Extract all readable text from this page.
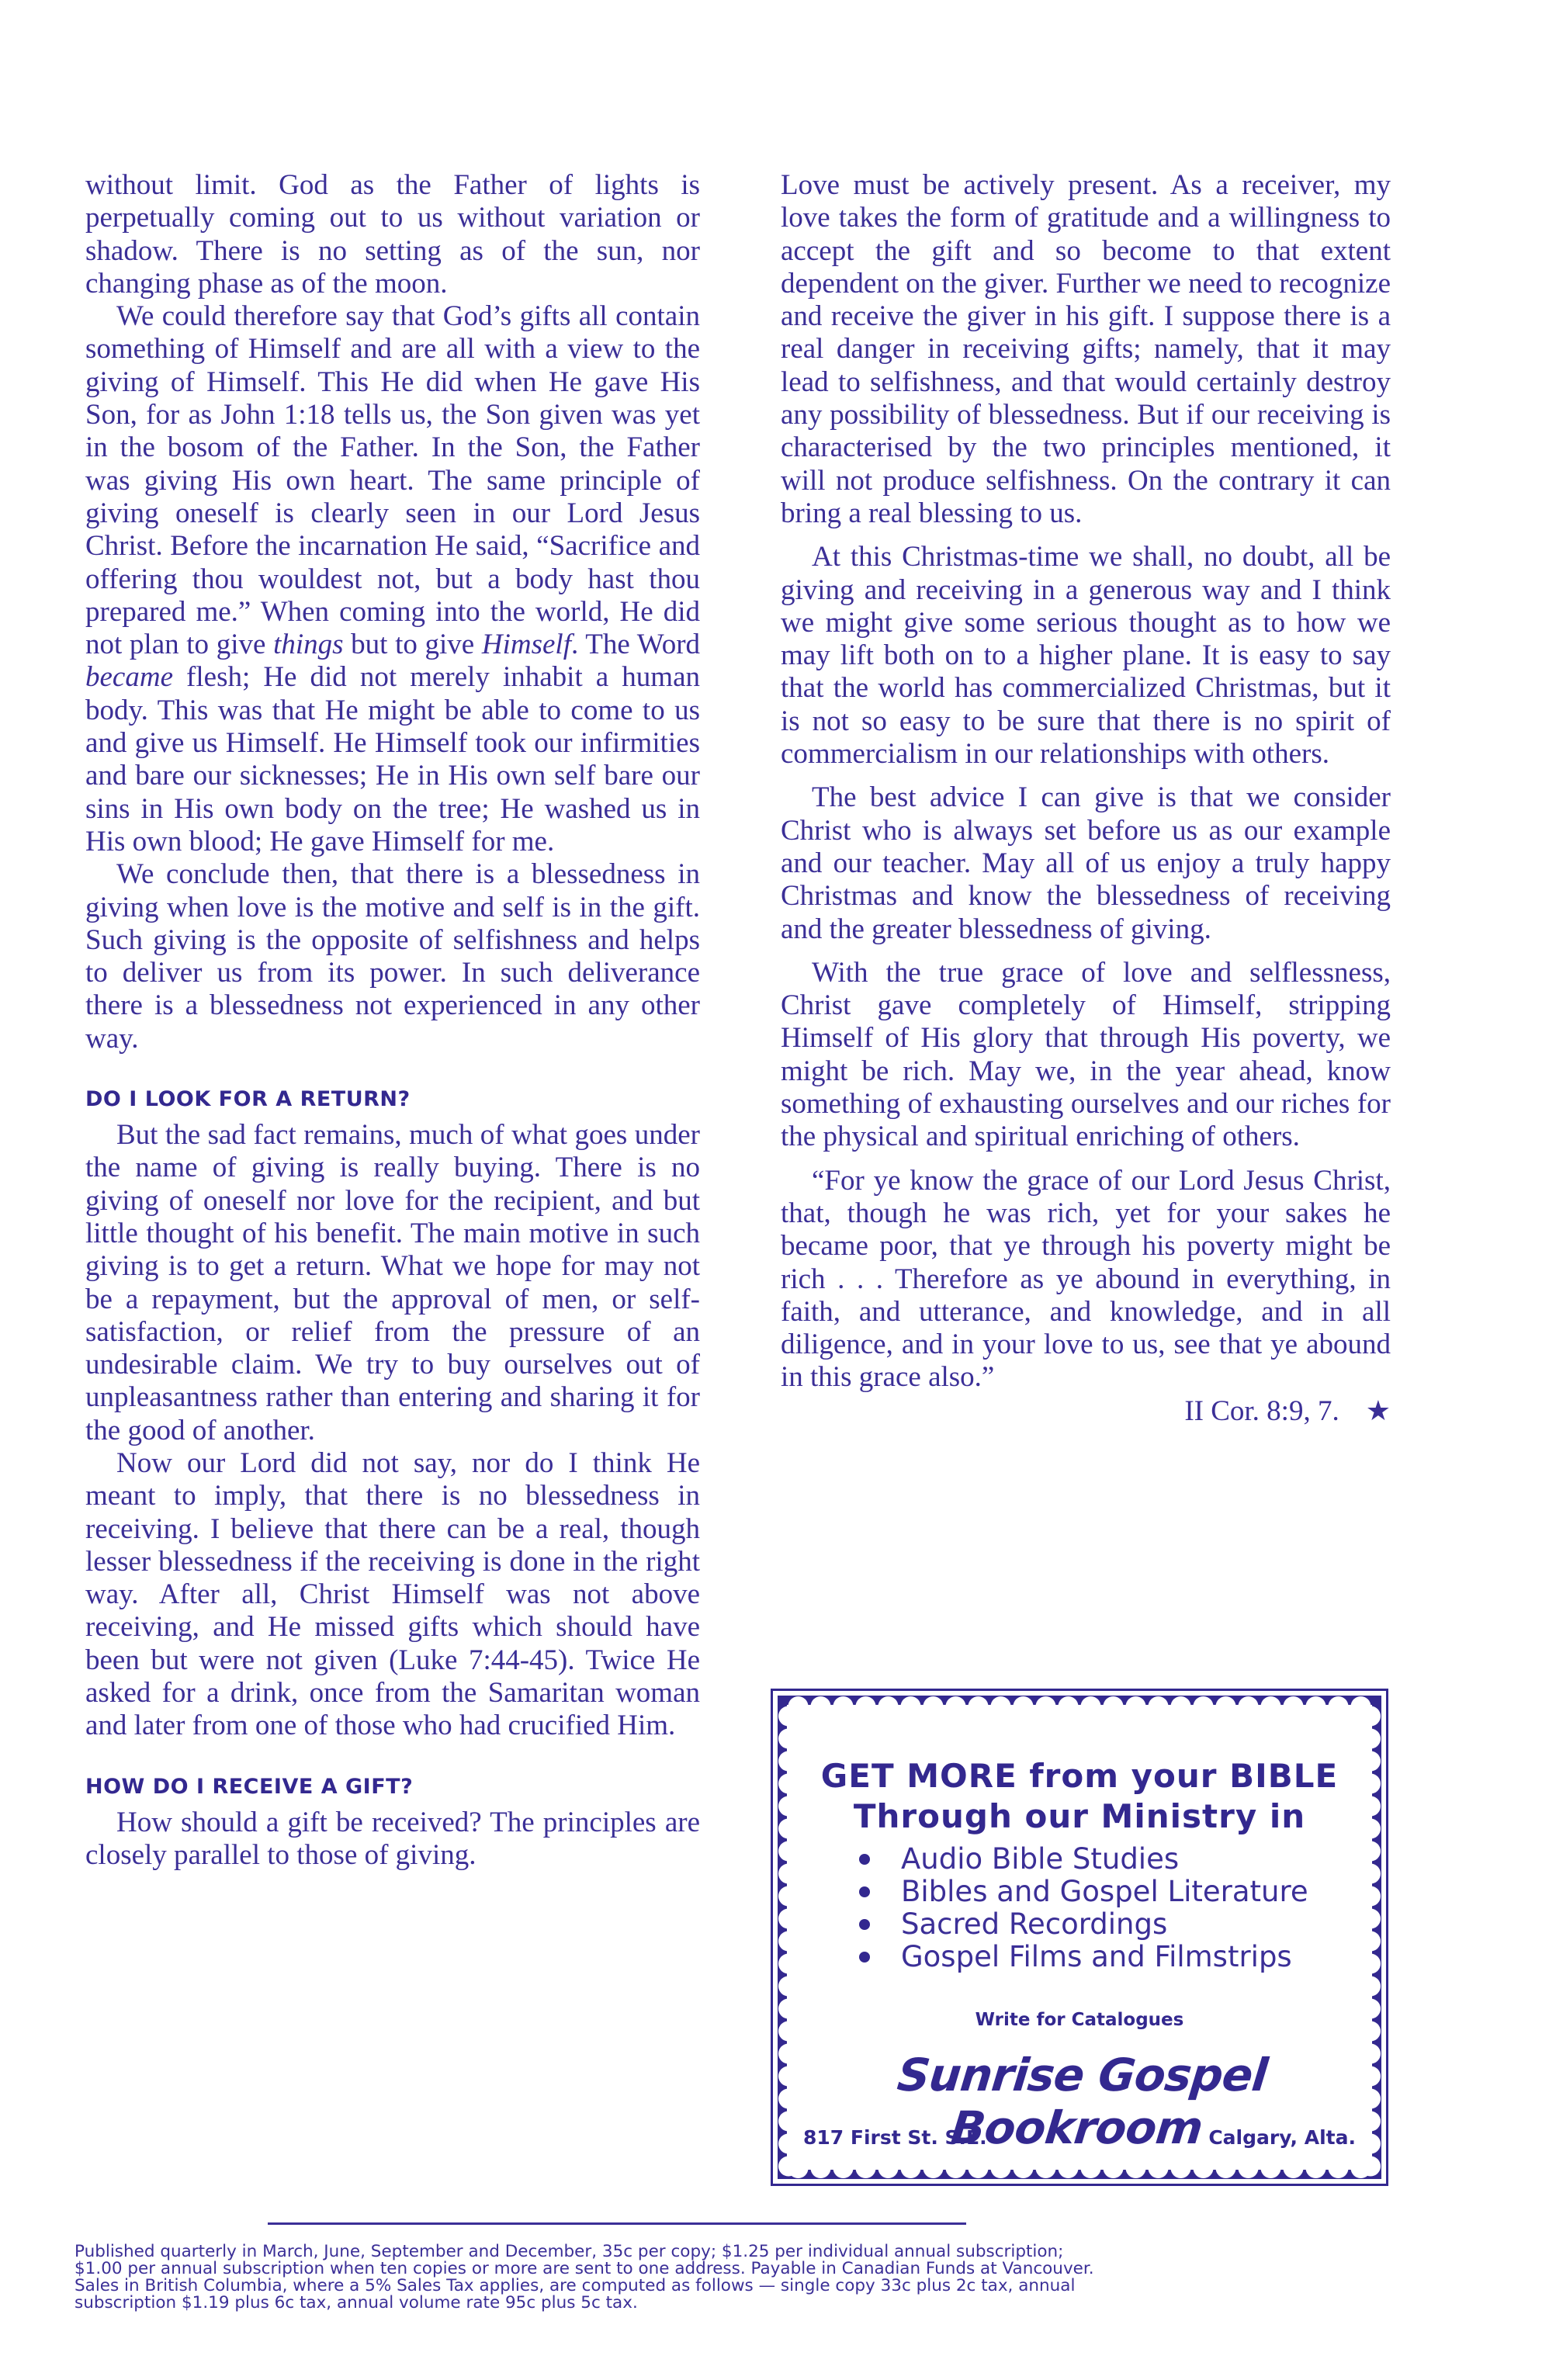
without limit. God as the Father of lights is perpetually coming out to us without variation or shadow. There is no setting as of the sun, nor changing phase as of the moon.

We could therefore say that God’s gifts all contain something of Himself and are all with a view to the giving of Himself. This He did when He gave His Son, for as John 1:18 tells us, the Son given was yet in the bosom of the Father. In the Son, the Father was giving His own heart. The same principle of giving oneself is clearly seen in our Lord Jesus Christ. Before the incarnation He said, “Sacrifice and offering thou wouldest not, but a body hast thou prepared me.” When coming into the world, He did not plan to give things but to give Himself. The Word became flesh; He did not merely inhabit a human body. This was that He might be able to come to us and give us Himself. He Himself took our infirmities and bare our sicknesses; He in His own self bare our sins in His own body on the tree; He washed us in His own blood; He gave Himself for me.

We conclude then, that there is a blessedness in giving when love is the motive and self is in the gift. Such giving is the opposite of selfishness and helps to deliver us from its power. In such deliverance there is a blessedness not experienced in any other way.

DO I LOOK FOR A RETURN?

But the sad fact remains, much of what goes under the name of giving is really buying. There is no giving of oneself nor love for the recipient, and but little thought of his benefit. The main motive in such giving is to get a return. What we hope for may not be a repayment, but the approval of men, or self-satisfaction, or relief from the pressure of an undesirable claim. We try to buy ourselves out of unpleasantness rather than entering and sharing it for the good of another.

Now our Lord did not say, nor do I think He meant to imply, that there is no blessedness in receiving. I believe that there can be a real, though lesser blessedness if the receiving is done in the right way. After all, Christ Himself was not above receiving, and He missed gifts which should have been but were not given (Luke 7:44-45). Twice He asked for a drink, once from the Samaritan woman and later from one of those who had crucified Him.

HOW DO I RECEIVE A GIFT?

How should a gift be received? The principles are closely parallel to those of giving.

Love must be actively present. As a receiver, my love takes the form of gratitude and a willingness to accept the gift and so become to that extent dependent on the giver. Further we need to recognize and receive the giver in his gift. I suppose there is a real danger in receiving gifts; namely, that it may lead to selfishness, and that would certainly destroy any possibility of blessedness. But if our receiving is characterised by the two principles mentioned, it will not produce selfishness. On the contrary it can bring a real blessing to us.

At this Christmas-time we shall, no doubt, all be giving and receiving in a generous way and I think we might give some serious thought as to how we may lift both on to a higher plane. It is easy to say that the world has commercialized Christmas, but it is not so easy to be sure that there is no spirit of commercialism in our relationships with others.

The best advice I can give is that we consider Christ who is always set before us as our example and our teacher. May all of us enjoy a truly happy Christmas and know the blessedness of receiving and the greater blessedness of giving.

With the true grace of love and selflessness, Christ gave completely of Himself, stripping Himself of His glory that through His poverty, we might be rich. May we, in the year ahead, know something of exhausting ourselves and our riches for the physical and spiritual enriching of others.

“For ye know the grace of our Lord Jesus Christ, that, though he was rich, yet for your sakes he became poor, that ye through his poverty might be rich . . . Therefore as ye abound in everything, in faith, and utterance, and knowledge, and in all diligence, and in your love to us, see that ye abound in this grace also.”

II Cor. 8:9, 7. ★

GET MORE from your BIBLE
Through our Ministry in
Audio Bible Studies
Bibles and Gospel Literature
Sacred Recordings
Gospel Films and Filmstrips
Write for Catalogues
Sunrise Gospel Bookroom
817 First St. S.E.	Calgary, Alta.
Published quarterly in March, June, September and December, 35c per copy; $1.25 per individual annual subscription;
$1.00 per annual subscription when ten copies or more are sent to one address. Payable in Canadian Funds at Vancouver.
Sales in British Columbia, where a 5% Sales Tax applies, are computed as follows — single copy 33c plus 2c tax, annual
subscription $1.19 plus 6c tax, annual volume rate 95c plus 5c tax.
